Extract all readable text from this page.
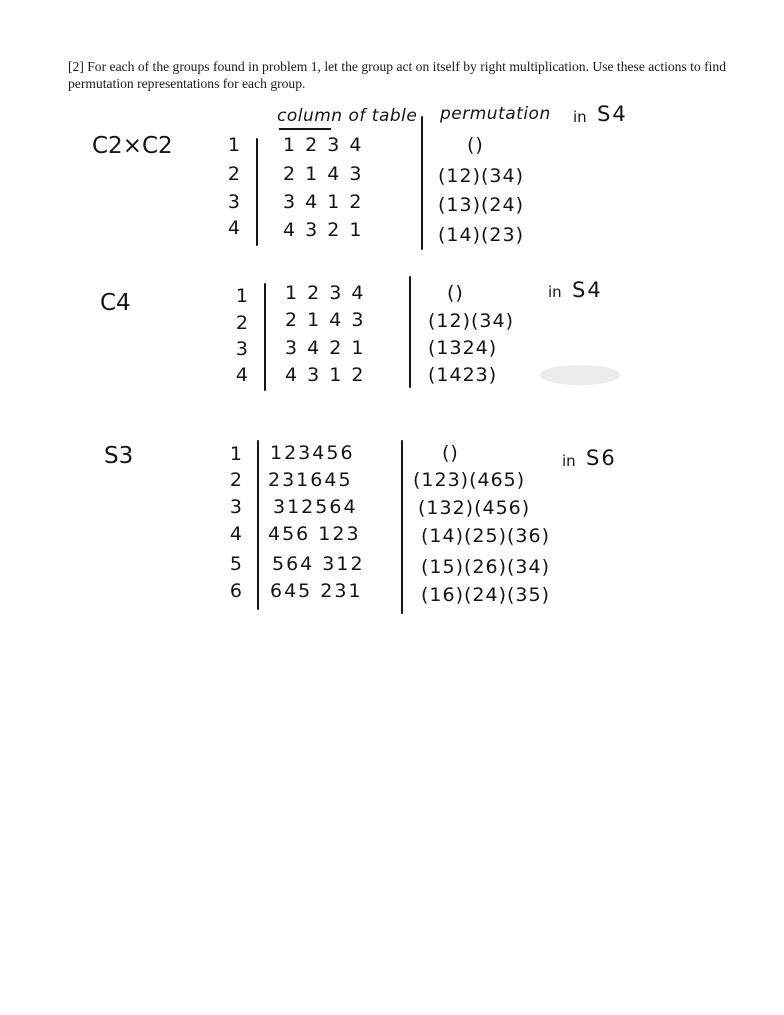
[2] For each of the groups found in problem 1, let the group act on itself by right multiplication. Use these actions to find permutation representations for each group.
column of table permutation
C2×C2
in S4
1 1 2 3 4	()
2 2 1 4 3	(12)(34)
3 3 4 1 2	(13)(24)
4 4 3 2 1	(14)(23)
C4	in S4
1 1 2 3 4	()
2 2 1 4 3	(12)(34)
3 3 4 2 1	(1324)
4 4 3 1 2	(1423)
S3	in S6
1 123456	()
2 231645	(123)(465)
3 312564	(132)(456)
4 456 123	(14)(25)(36)
5 564 312	(15)(26)(34)
6 645 231	(16)(24)(35)
